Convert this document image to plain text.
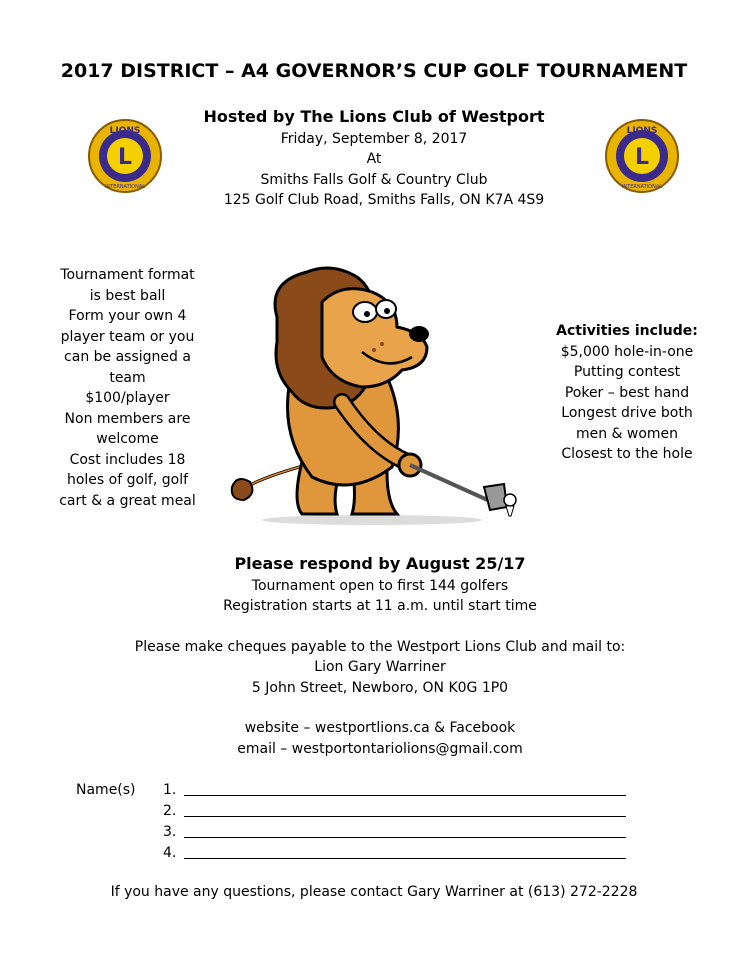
2017 DISTRICT – A4 GOVERNOR’S CUP GOLF TOURNAMENT
Hosted by The Lions Club of Westport
Friday, September 8, 2017
At
Smiths Falls Golf & Country Club
125 Golf Club Road, Smiths Falls, ON K7A 4S9
L
LIONS
INTERNATIONAL
L
LIONS
INTERNATIONAL
Tournament format
is best ball
Form your own 4
player team or you
can be assigned a
team
$100/player
Non members are
welcome
Cost includes 18
holes of golf, golf
cart & a great meal
Activities include:
$5,000 hole-in-one
Putting contest
Poker – best hand
Longest drive both
men & women
Closest to the hole
Please respond by August 25/17
Tournament open to first 144 golfers
Registration starts at 11 a.m. until start time
Please make cheques payable to the Westport Lions Club and mail to:
Lion Gary Warriner
5 John Street, Newboro, ON K0G 1P0
website – westportlions.ca & Facebook
email – westportontariolions@gmail.com
Name(s) 1.
2.
3.
4.
If you have any questions, please contact Gary Warriner at (613) 272-2228
